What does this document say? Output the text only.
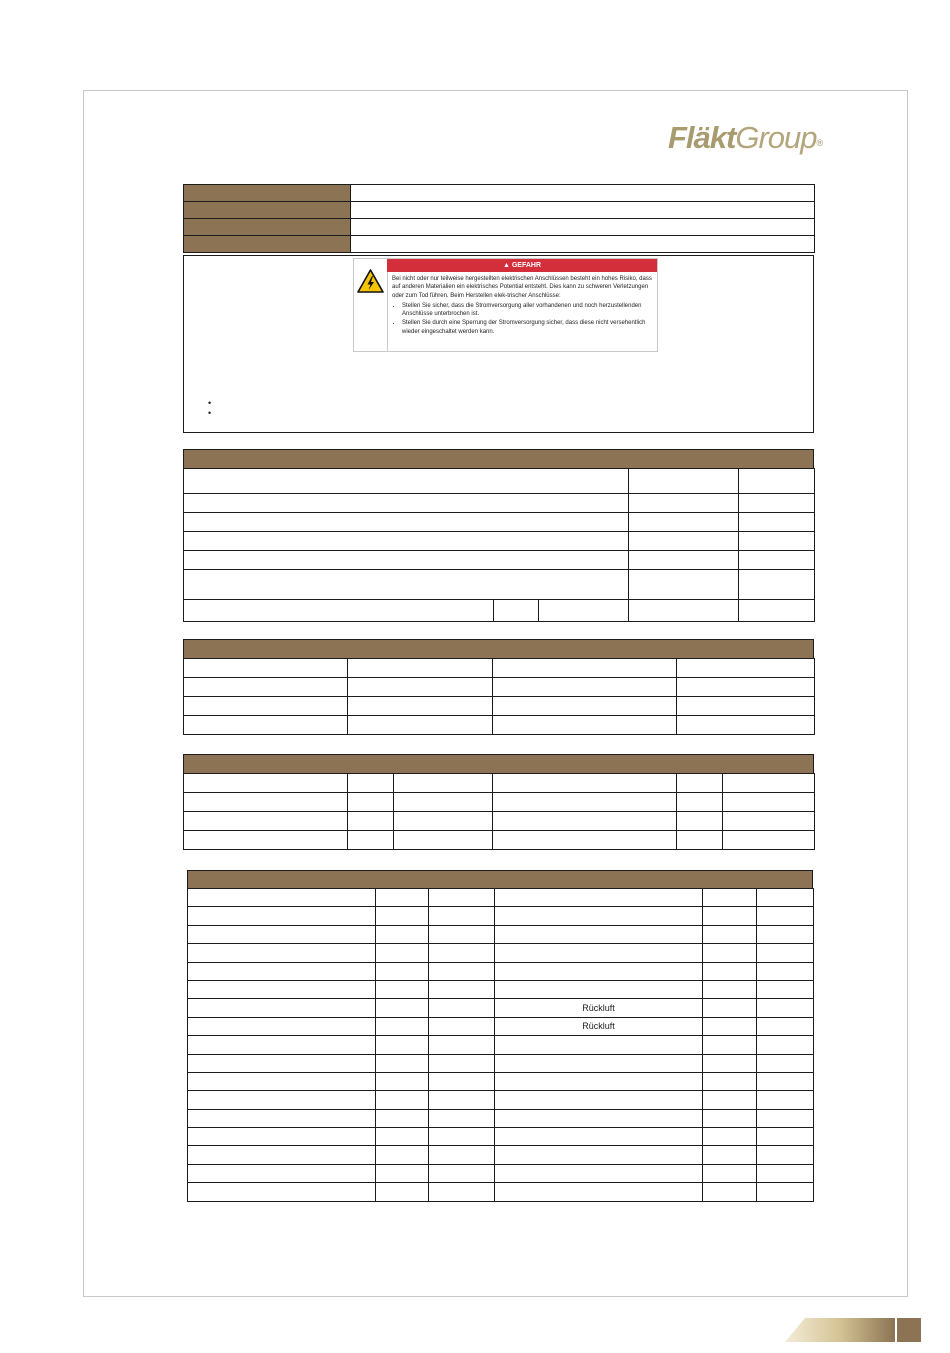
FläktGroup®

▲ GEFAHR
Bei nicht oder nur teilweise hergestellten elektrischen Anschlüssen besteht ein hohes Risiko, dass auf anderen Materialien ein elektrisches Potential entsteht. Dies kann zu schweren Verletzungen oder zum Tod führen. Beim Herstellen elek-trischer Anschlüsse:
• Stellen Sie sicher, dass die Stromversorgung aller vorhandenen und noch herzustellenden Anschlüsse unterbrochen ist.
• Stellen Sie durch eine Sperrung der Stromversorgung sicher, dass diese nicht versehentlich wieder eingeschaltet werden kann.
•
•

			Rückluft		
			Rückluft		
